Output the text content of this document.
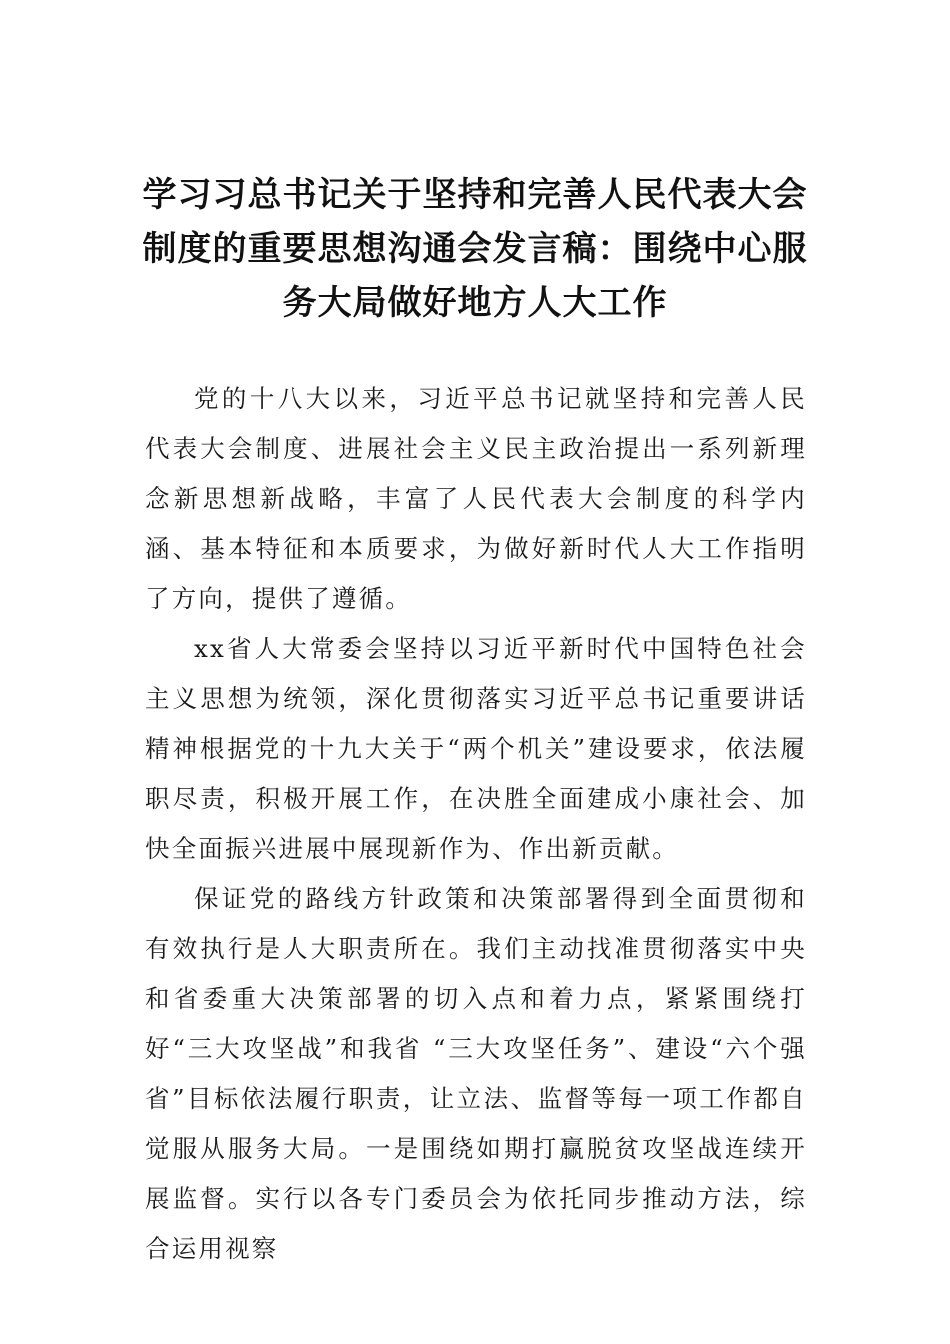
学习习总书记关于坚持和完善人民代表大会制度的重要思想沟通会发言稿：围绕中心服务大局做好地方人大工作

党的十八大以来，习近平总书记就坚持和完善人民代表大会制度、进展社会主义民主政治提出一系列新理念新思想新战略，丰富了人民代表大会制度的科学内涵、基本特征和本质要求，为做好新时代人大工作指明了方向，提供了遵循。

xx省人大常委会坚持以习近平新时代中国特色社会主义思想为统领，深化贯彻落实习近平总书记重要讲话精神根据党的十九大关于“两个机关”建设要求，依法履职尽责，积极开展工作，在决胜全面建成小康社会、加快全面振兴进展中展现新作为、作出新贡献。

保证党的路线方针政策和决策部署得到全面贯彻和有效执行是人大职责所在。我们主动找准贯彻落实中央和省委重大决策部署的切入点和着力点，紧紧围绕打好“三大攻坚战”和我省 “三大攻坚任务”、建设“六个强省”目标依法履行职责，让立法、监督等每一项工作都自觉服从服务大局。一是围绕如期打赢脱贫攻坚战连续开展监督。实行以各专门委员会为依托同步推动方法，综合运用视察
